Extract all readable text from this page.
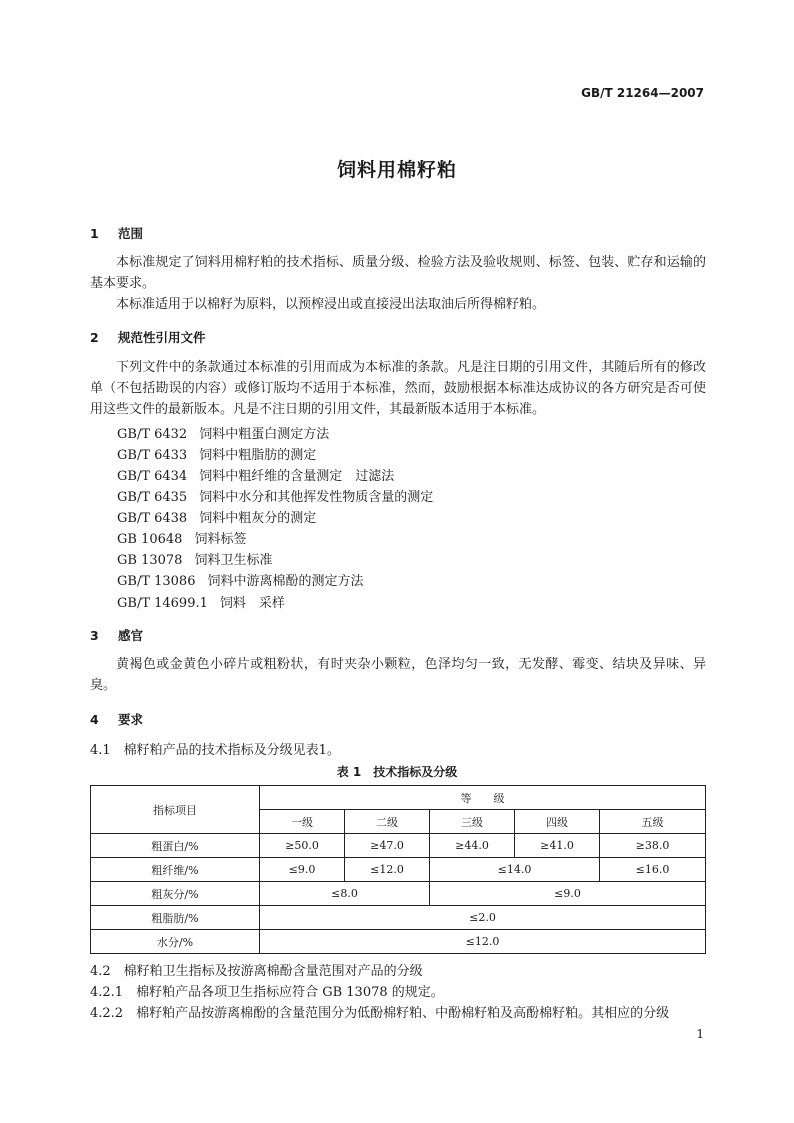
GB/T 21264—2007
饲料用棉籽粕
1 范围
本标准规定了饲料用棉籽粕的技术指标、质量分级、检验方法及验收规则、标签、包装、贮存和运输的基本要求。
本标准适用于以棉籽为原料，以预榨浸出或直接浸出法取油后所得棉籽粕。
2 规范性引用文件
下列文件中的条款通过本标准的引用而成为本标准的条款。凡是注日期的引用文件，其随后所有的修改单（不包括勘误的内容）或修订版均不适用于本标准，然而，鼓励根据本标准达成协议的各方研究是否可使用这些文件的最新版本。凡是不注日期的引用文件，其最新版本适用于本标准。
GB/T 6432 饲料中粗蛋白测定方法
GB/T 6433 饲料中粗脂肪的测定
GB/T 6434 饲料中粗纤维的含量测定　过滤法
GB/T 6435 饲料中水分和其他挥发性物质含量的测定
GB/T 6438 饲料中粗灰分的测定
GB 10648 饲料标签
GB 13078 饲料卫生标准
GB/T 13086 饲料中游离棉酚的测定方法
GB/T 14699.1 饲料　采样
3 感官
黄褐色或金黄色小碎片或粗粉状，有时夹杂小颗粒，色泽均匀一致，无发酵、霉变、结块及异味、异臭。
4 要求
4.1　棉籽粕产品的技术指标及分级见表1。
表 1　技术指标及分级
指标项目	等　　级				
	一级	二级	三级	四级	五级
粗蛋白/%	≥50.0	≥47.0	≥44.0	≥41.0	≥38.0
粗纤维/%	≤9.0	≤12.0	≤14.0		≤16.0
粗灰分/%	≤8.0		≤9.0		
粗脂肪/%	≤2.0				
水分/%	≤12.0				
4.2　棉籽粕卫生指标及按游离棉酚含量范围对产品的分级
4.2.1　棉籽粕产品各项卫生指标应符合 GB 13078 的规定。
4.2.2　棉籽粕产品按游离棉酚的含量范围分为低酚棉籽粕、中酚棉籽粕及高酚棉籽粕。其相应的分级
1
